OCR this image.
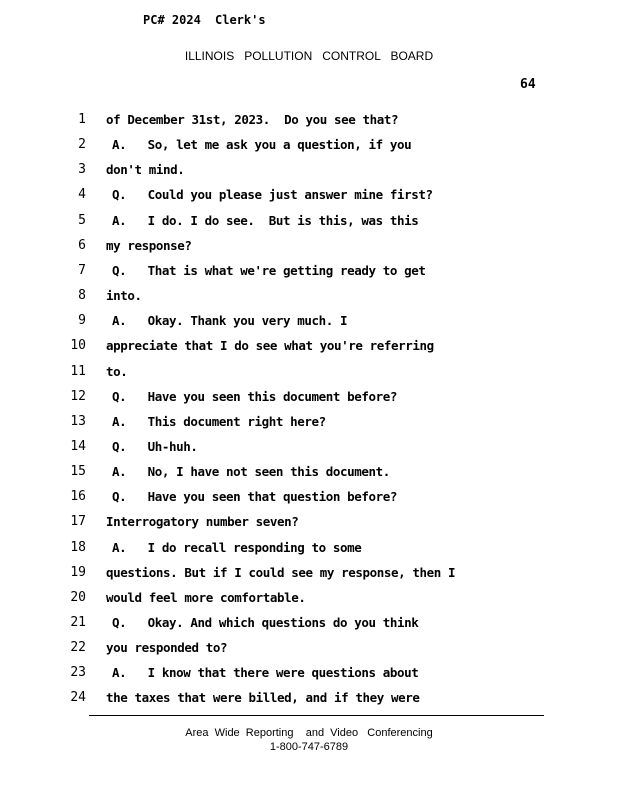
PC# 2024 Clerk's
ILLINOIS   POLLUTION   CONTROL   BOARD
64
1 of December 31st, 2023.  Do you see that?
2 A.   So, let me ask you a question, if you
3 don't mind.
4 Q.   Could you please just answer mine first?
5 A.   I do. I do see.  But is this, was this
6 my response?
7 Q.   That is what we're getting ready to get
8 into.
9 A.   Okay. Thank you very much. I
10 appreciate that I do see what you're referring
11 to.
12 Q.   Have you seen this document before?
13 A.   This document right here?
14 Q.   Uh-huh.
15 A.   No, I have not seen this document.
16 Q.   Have you seen that question before?
17 Interrogatory number seven?
18 A.   I do recall responding to some
19 questions. But if I could see my response, then I
20 would feel more comfortable.
21 Q.   Okay. And which questions do you think
22 you responded to?
23 A.   I know that there were questions about
24 the taxes that were billed, and if they were
Area  Wide  Reporting    and  Video   Conferencing
1-800-747-6789
